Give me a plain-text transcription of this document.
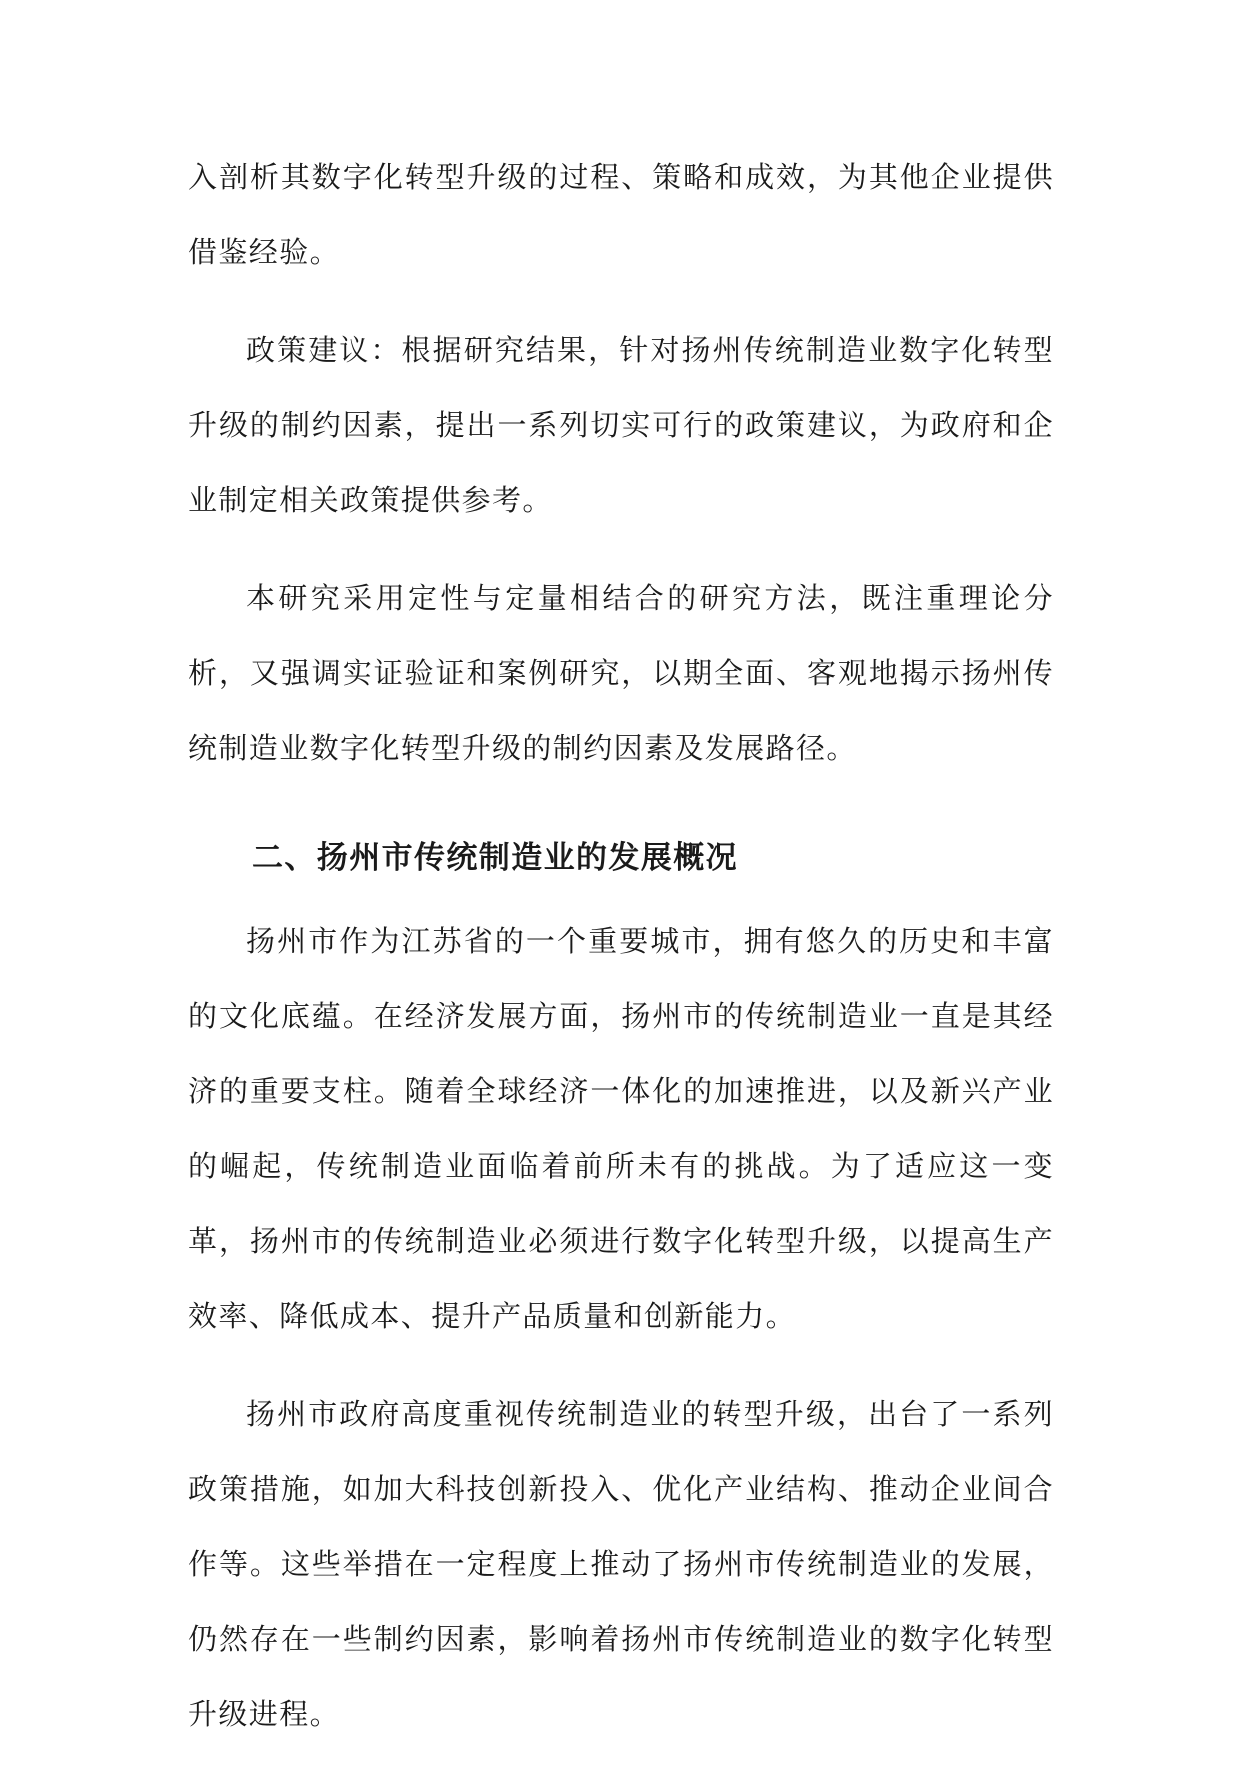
入剖析其数字化转型升级的过程、策略和成效，为其他企业提供借鉴经验。

政策建议：根据研究结果，针对扬州传统制造业数字化转型升级的制约因素，提出一系列切实可行的政策建议，为政府和企业制定相关政策提供参考。

本研究采用定性与定量相结合的研究方法，既注重理论分析，又强调实证验证和案例研究，以期全面、客观地揭示扬州传统制造业数字化转型升级的制约因素及发展路径。

二、扬州市传统制造业的发展概况

扬州市作为江苏省的一个重要城市，拥有悠久的历史和丰富的文化底蕴。在经济发展方面，扬州市的传统制造业一直是其经济的重要支柱。随着全球经济一体化的加速推进，以及新兴产业的崛起，传统制造业面临着前所未有的挑战。为了适应这一变革，扬州市的传统制造业必须进行数字化转型升级，以提高生产效率、降低成本、提升产品质量和创新能力。

扬州市政府高度重视传统制造业的转型升级，出台了一系列政策措施，如加大科技创新投入、优化产业结构、推动企业间合作等。这些举措在一定程度上推动了扬州市传统制造业的发展，仍然存在一些制约因素，影响着扬州市传统制造业的数字化转型升级进程。
